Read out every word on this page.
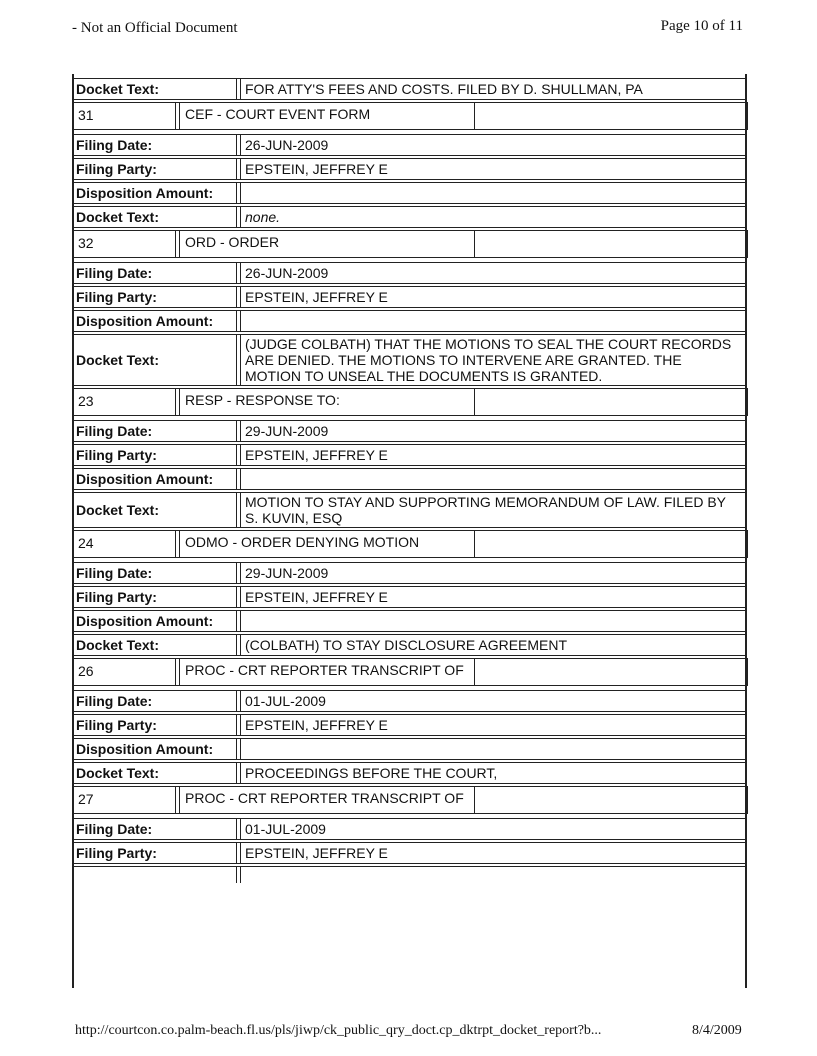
- Not an Official Document	Page 10 of 11
Docket Text:	FOR ATTY'S FEES AND COSTS. FILED BY D. SHULLMAN, PA
31	CEF - COURT EVENT FORM
Filing Date:	26-JUN-2009
Filing Party:	EPSTEIN, JEFFREY E
Disposition Amount:
Docket Text:	none.
32	ORD - ORDER
Filing Date:	26-JUN-2009
Filing Party:	EPSTEIN, JEFFREY E
Disposition Amount:
Docket Text:
(JUDGE COLBATH) THAT THE MOTIONS TO SEAL THE COURT RECORDS ARE DENIED. THE MOTIONS TO INTERVENE ARE GRANTED. THE MOTION TO UNSEAL THE DOCUMENTS IS GRANTED.
23	RESP - RESPONSE TO:
Filing Date:	29-JUN-2009
Filing Party:	EPSTEIN, JEFFREY E
Disposition Amount:
Docket Text:	MOTION TO STAY AND SUPPORTING MEMORANDUM OF LAW. FILED BY S. KUVIN, ESQ
24	ODMO - ORDER DENYING MOTION
Filing Date:	29-JUN-2009
Filing Party:	EPSTEIN, JEFFREY E
Disposition Amount:
Docket Text:	(COLBATH) TO STAY DISCLOSURE AGREEMENT
26	PROC - CRT REPORTER TRANSCRIPT OF
Filing Date:	01-JUL-2009
Filing Party:	EPSTEIN, JEFFREY E
Disposition Amount:
Docket Text:	PROCEEDINGS BEFORE THE COURT,
27	PROC - CRT REPORTER TRANSCRIPT OF
Filing Date:	01-JUL-2009
Filing Party:	EPSTEIN, JEFFREY E
http://courtcon.co.palm-beach.fl.us/pls/jiwp/ck_public_qry_doct.cp_dktrpt_docket_report?b...	8/4/2009
